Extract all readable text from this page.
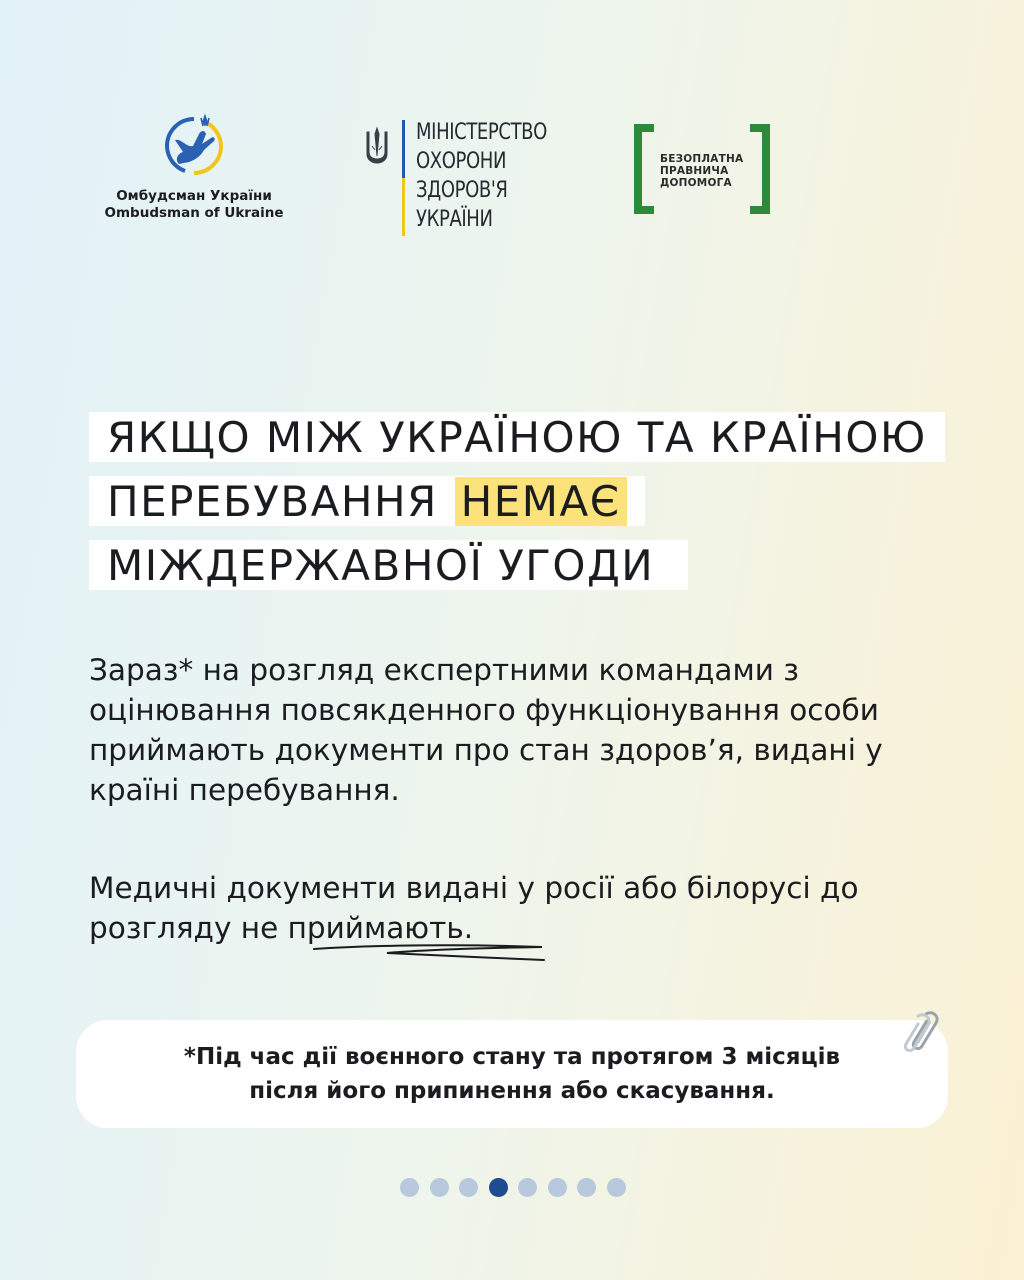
Омбудсман України
Ombudsman of Ukraine
МІНІСТЕРСТВО
ОХОРОНИ
ЗДОРОВ'Я
УКРАЇНИ
БЕЗОПЛАТНА
ПРАВНИЧА
ДОПОМОГА
ЯКЩО МІЖ УКРАЇНОЮ ТА КРАЇНОЮ
ПЕРЕБУВАННЯ НЕМАЄ
МІЖДЕРЖАВНОЇ УГОДИ

Зараз* на розгляд експертними командами з оцінювання повсякденного функціонування особи приймають документи про стан здоров’я, видані у країні перебування.

Медичні документи видані у росії або білорусі до розгляду не приймають.

*Під час дії воєнного стану та протягом 3 місяців
після його припинення або скасування.
